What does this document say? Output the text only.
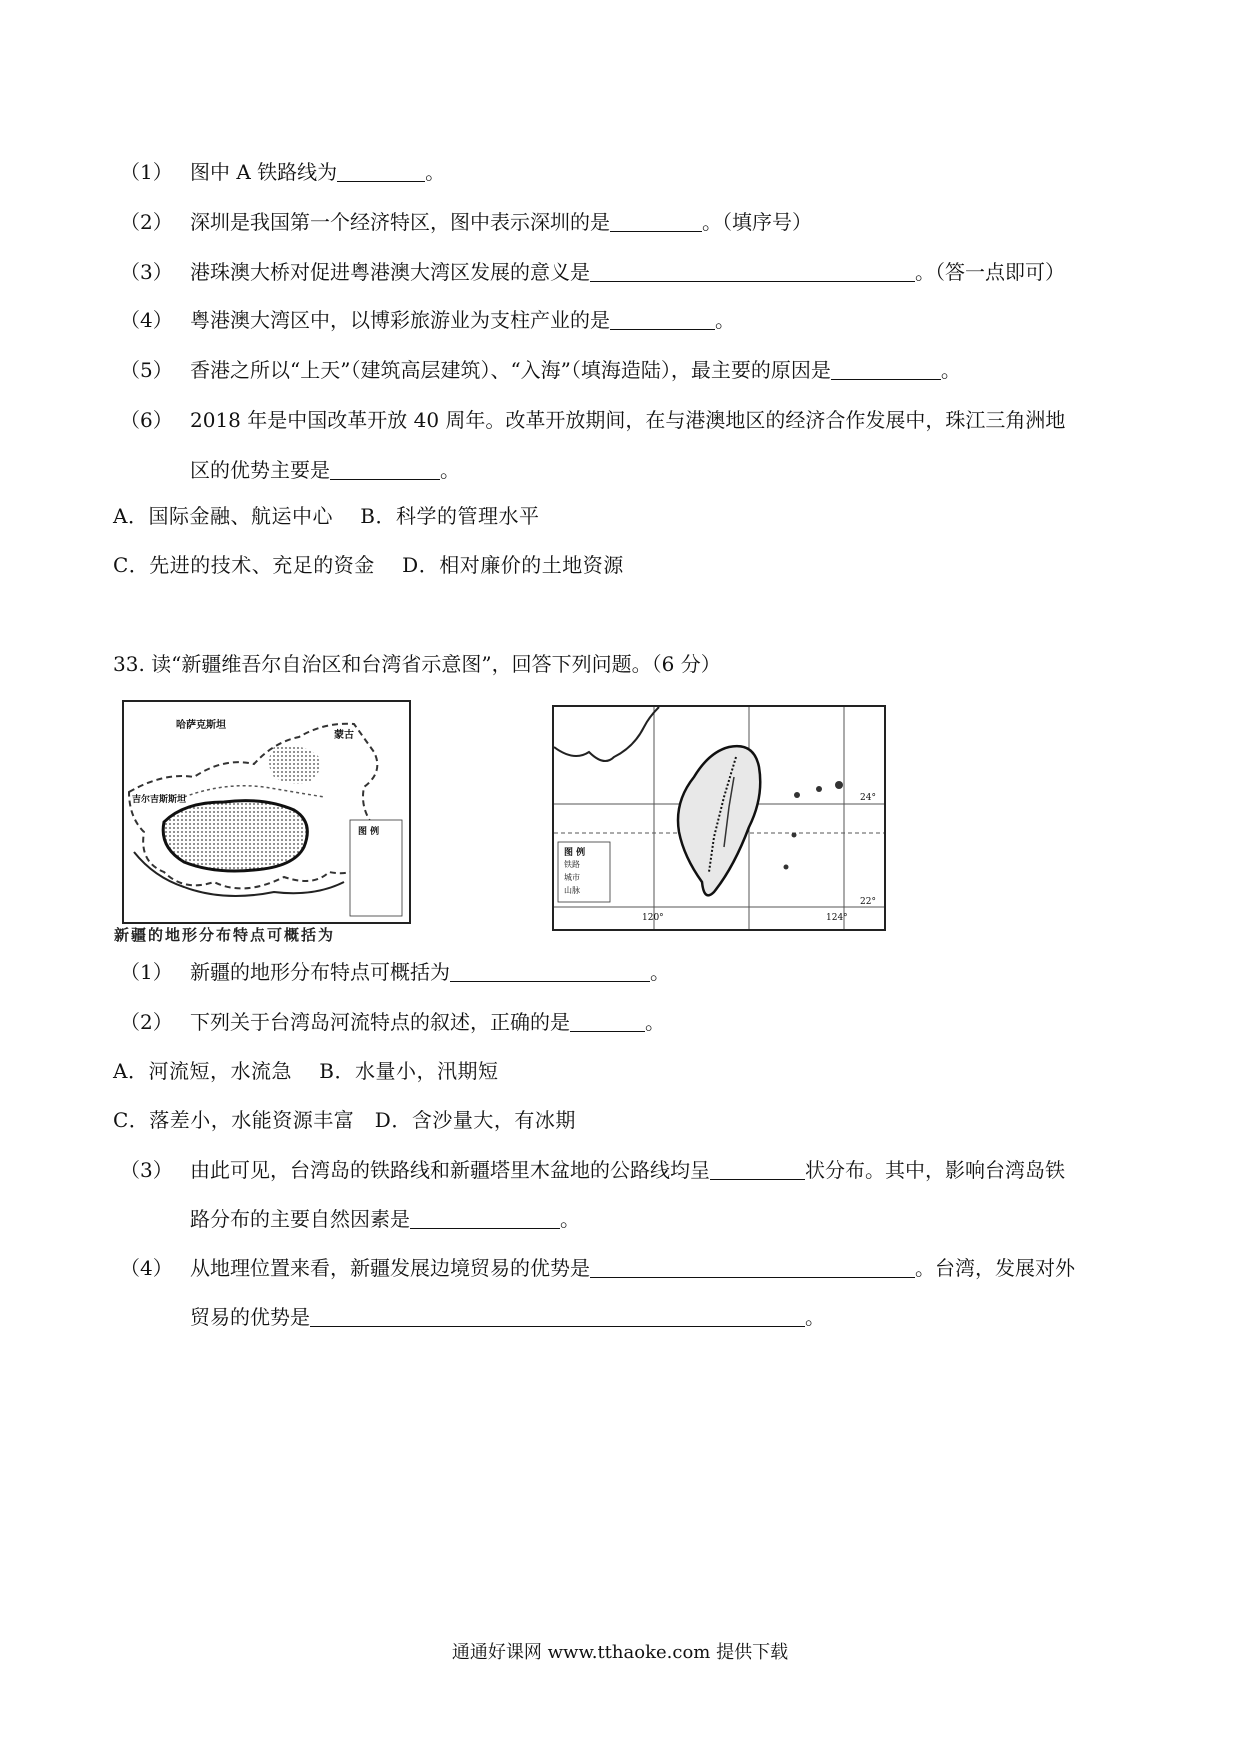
（1） 图中 A 铁路线为	。
（2） 深圳是我国第一个经济特区，图中表示深圳的是	。（填序号）
（3） 港珠澳大桥对促进粤港澳大湾区发展的意义是	。（答一点即可）
（4） 粤港澳大湾区中，以博彩旅游业为支柱产业的是	。
（5） 香港之所以“上天”（建筑高层建筑）、“入海”（填海造陆），最主要的原因是	。
（6） 2018 年是中国改革开放 40 周年。改革开放期间，在与港澳地区的经济合作发展中，珠江三角洲地
区的优势主要是	。
A．国际金融、航运中心　 B．科学的管理水平
C．先进的技术、充足的资金　 D．相对廉价的土地资源
33. 读“新疆维吾尔自治区和台湾省示意图”，回答下列问题。（6 分）
哈萨克斯坦
蒙古
吉尔吉斯斯坦
图 例
新疆的地形分布特点可概括为
24°
22°
120°	124°
图 例
铁路
城市
山脉
（1） 新疆的地形分布特点可概括为	。
（2） 下列关于台湾岛河流特点的叙述，正确的是	。
A．河流短，水流急　 B．水量小，汛期短
C．落差小，水能资源丰富　D．含沙量大，有冰期
（3） 由此可见，台湾岛的铁路线和新疆塔里木盆地的公路线均呈	状分布。其中，影响台湾岛铁
路分布的主要自然因素是	。
（4） 从地理位置来看，新疆发展边境贸易的优势是	。台湾，发展对外
贸易的优势是	。
通通好课网 www.tthaoke.com 提供下载
